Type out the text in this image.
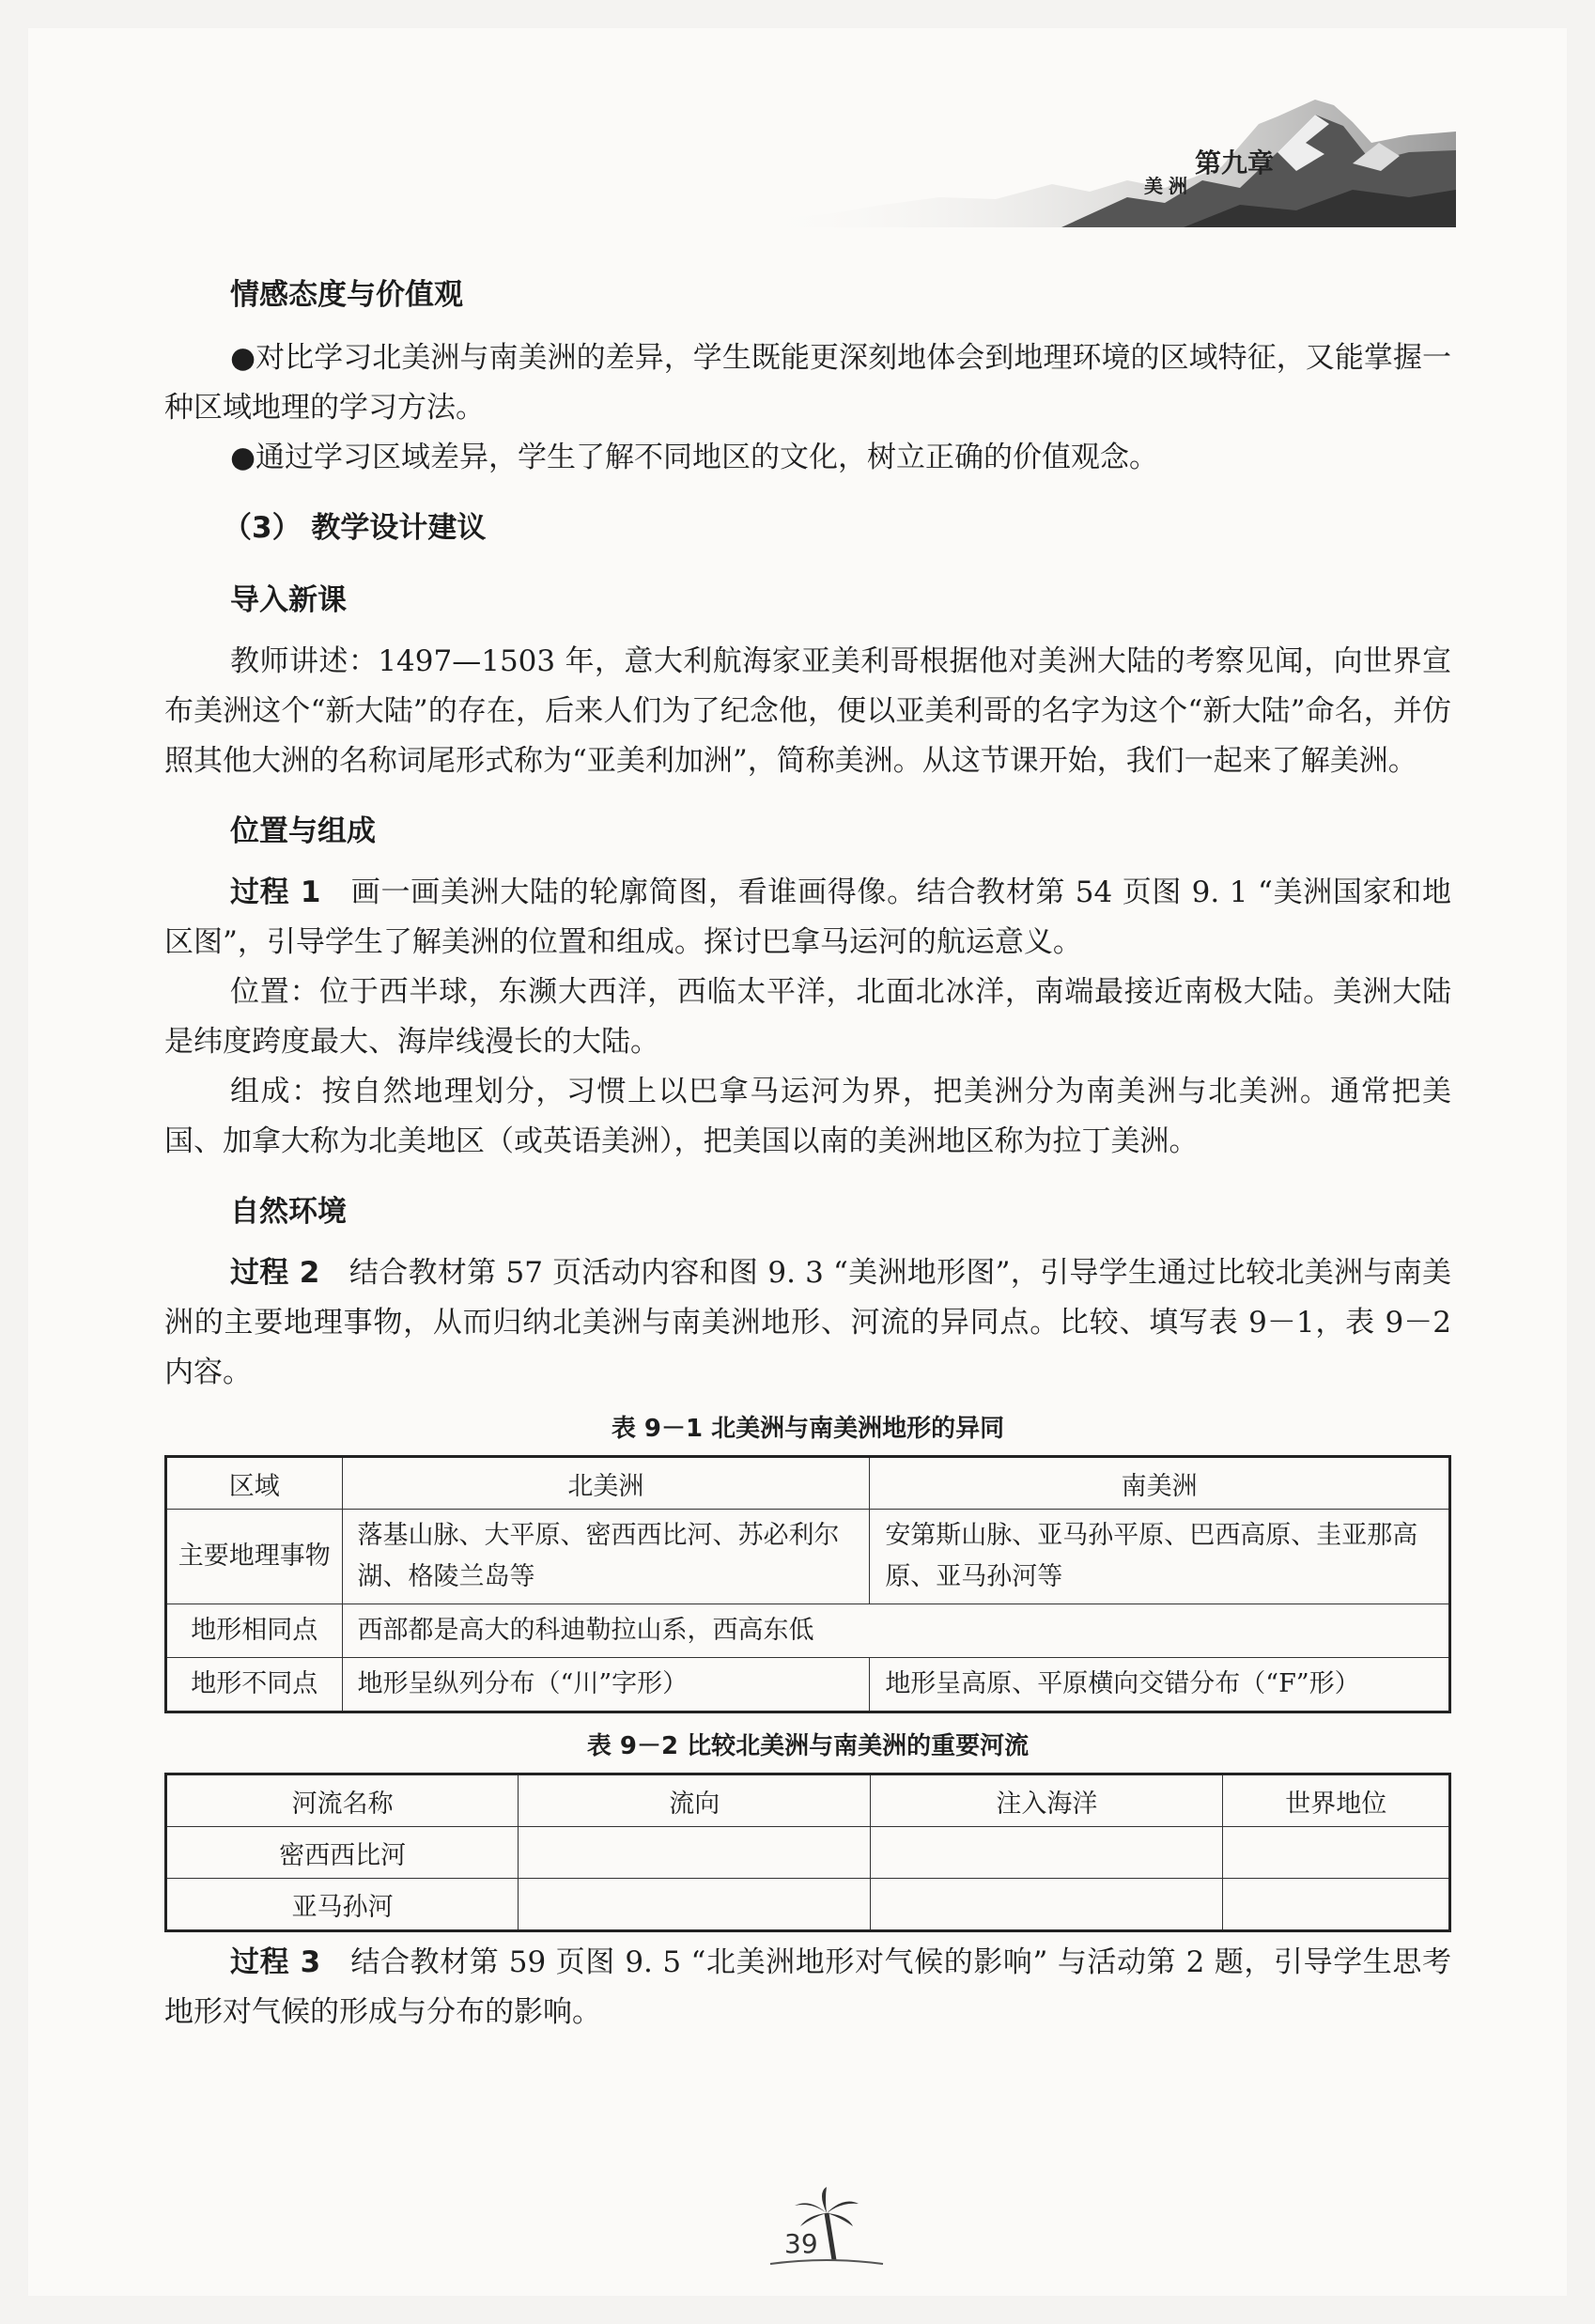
第九章
美洲
情感态度与价值观

●对比学习北美洲与南美洲的差异，学生既能更深刻地体会到地理环境的区域特征，又能掌握一种区域地理的学习方法。

●通过学习区域差异，学生了解不同地区的文化，树立正确的价值观念。

（3） 教学设计建议
导入新课

教师讲述：1497—1503 年，意大利航海家亚美利哥根据他对美洲大陆的考察见闻，向世界宣布美洲这个“新大陆”的存在，后来人们为了纪念他，便以亚美利哥的名字为这个“新大陆”命名，并仿照其他大洲的名称词尾形式称为“亚美利加洲”，简称美洲。从这节课开始，我们一起来了解美洲。

位置与组成

过程 1　 画一画美洲大陆的轮廓简图，看谁画得像。结合教材第 54 页图 9. 1 “美洲国家和地区图”，引导学生了解美洲的位置和组成。探讨巴拿马运河的航运意义。

位置：位于西半球，东濒大西洋，西临太平洋，北面北冰洋，南端最接近南极大陆。美洲大陆是纬度跨度最大、海岸线漫长的大陆。

组成：按自然地理划分，习惯上以巴拿马运河为界，把美洲分为南美洲与北美洲。通常把美国、加拿大称为北美地区（或英语美洲），把美国以南的美洲地区称为拉丁美洲。

自然环境

过程 2　 结合教材第 57 页活动内容和图 9. 3 “美洲地形图”，引导学生通过比较北美洲与南美洲的主要地理事物，从而归纳北美洲与南美洲地形、河流的异同点。比较、填写表 9－1，表 9－2 内容。

表 9－1 北美洲与南美洲地形的异同
区域	北美洲	南美洲
主要地理事物	落基山脉、大平原、密西西比河、苏必利尔湖、格陵兰岛等	安第斯山脉、亚马孙平原、巴西高原、圭亚那高原、亚马孙河等
地形相同点	西部都是高大的科迪勒拉山系，西高东低	
地形不同点	地形呈纵列分布（“川”字形）	地形呈高原、平原横向交错分布（“F”形）
表 9－2 比较北美洲与南美洲的重要河流
河流名称	流向	注入海洋	世界地位
密西西比河			
亚马孙河			

过程 3　 结合教材第 59 页图 9. 5 “北美洲地形对气候的影响” 与活动第 2 题，引导学生思考地形对气候的形成与分布的影响。

39
